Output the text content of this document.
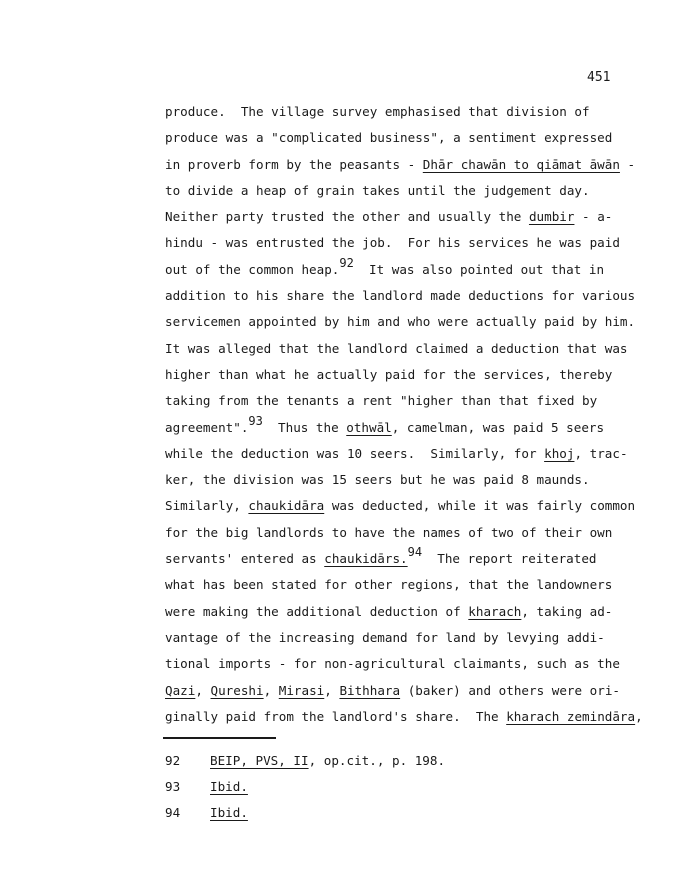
451
produce.  The village survey emphasised that division of
produce was a "complicated business", a sentiment expressed
in proverb form by the peasants - Dhār chawān to qiāmat āwān -
to divide a heap of grain takes until the judgement day.
Neither party trusted the other and usually the dumbir - a-
hindu - was entrusted the job.  For his services he was paid
out of the common heap.$^{92}$  It was also pointed out that in
addition to his share the landlord made deductions for various
servicemen appointed by him and who were actually paid by him.
It was alleged that the landlord claimed a deduction that was
higher than what he actually paid for the services, thereby
taking from the tenants a rent "higher than that fixed by
agreement".$^{93}$  Thus the othwāl, camelman, was paid 5 seers
while the deduction was 10 seers.  Similarly, for khoj, trac-
ker, the division was 15 seers but he was paid 8 maunds.
Similarly, chaukidāra was deducted, while it was fairly common
for the big landlords to have the names of two of their own
servants' entered as chaukidārs.$^{94}$  The report reiterated
what has been stated for other regions, that the landowners
were making the additional deduction of kharach, taking ad-
vantage of the increasing demand for land by levying addi-
tional imports - for non-agricultural claimants, such as the
Qazi, Qureshi, Mirasi, Bithhara (baker) and others were ori-
ginally paid from the landlord's share.  The kharach zemindāra,
92 BEIP, PVS, II, op.cit., p. 198.
93 Ibid.
94 Ibid.
